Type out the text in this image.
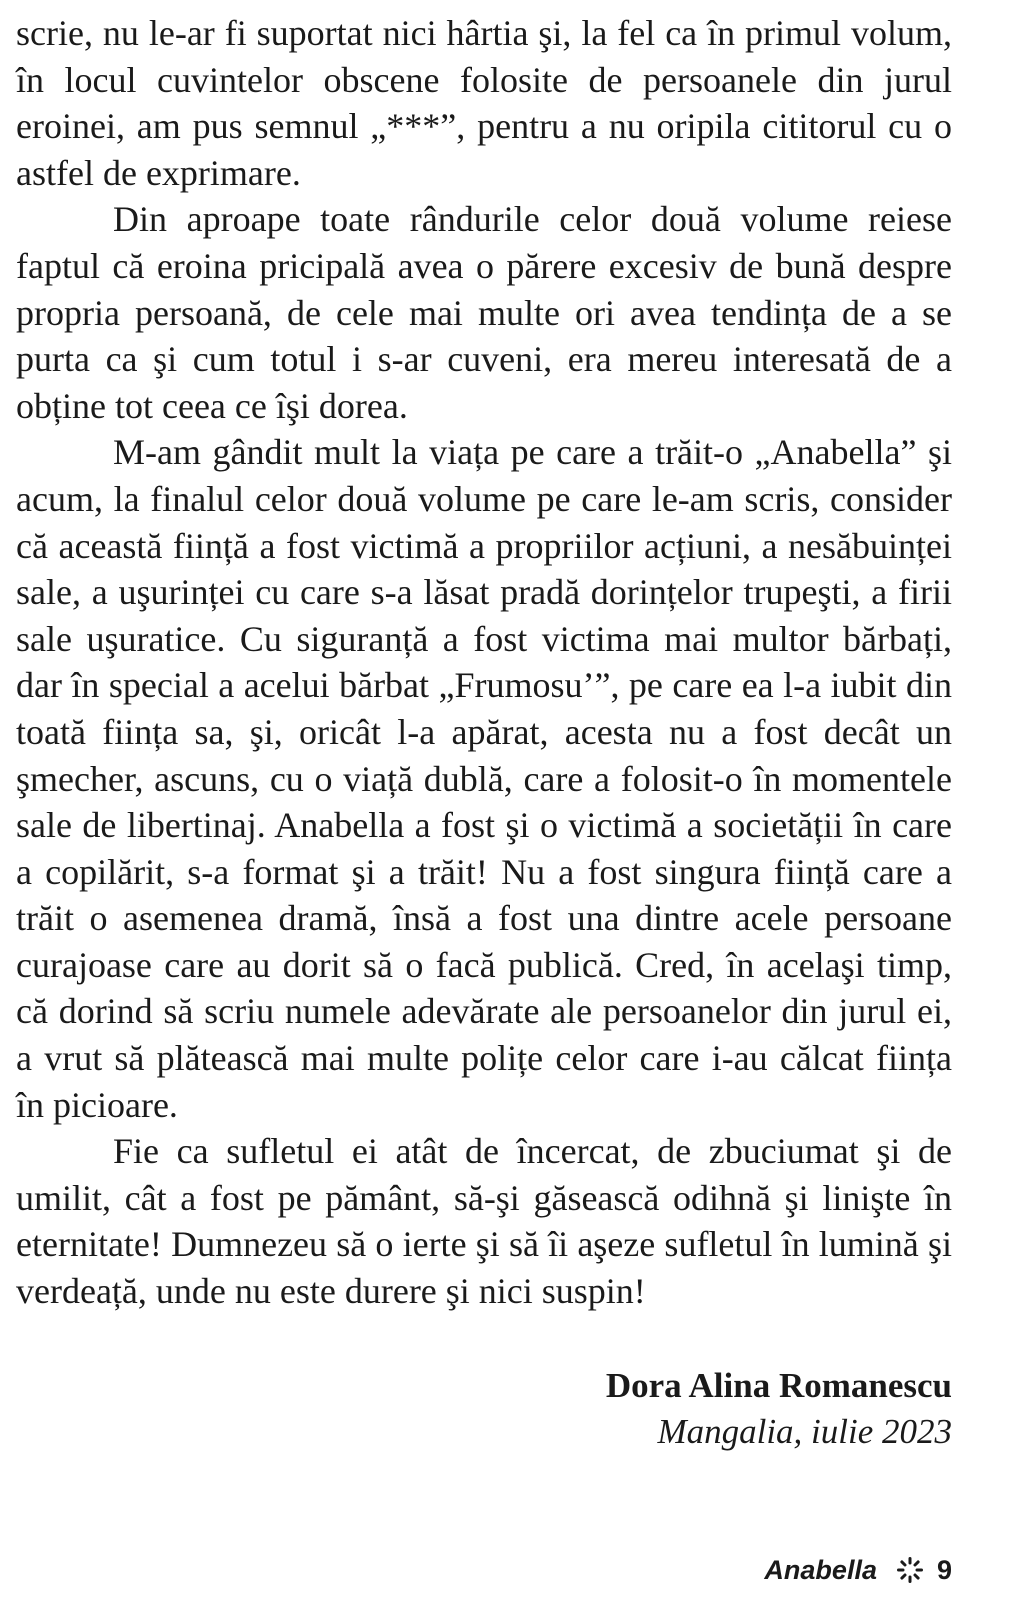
scrie, nu le-ar fi suportat nici hârtia şi, la fel ca în primul volum, în locul cuvintelor obscene folosite de persoanele din jurul eroinei, am pus semnul „***”, pentru a nu oripila cititorul cu o astfel de exprimare.

Din aproape toate rândurile celor două volume reiese faptul că eroina pricipală avea o părere excesiv de bună despre propria persoană, de cele mai multe ori avea tendința de a se purta ca şi cum totul i s-ar cuveni, era mereu interesată de a obține tot ceea ce îşi dorea.

M-am gândit mult la viața pe care a trăit-o „Anabella” şi acum, la finalul celor două volume pe care le-am scris, consider că această ființă a fost victimă a propriilor acțiuni, a nesăbuinței sale, a uşurinței cu care s-a lăsat pradă dorințelor trupeşti, a firii sale uşuratice. Cu siguranță a fost victima mai multor bărbați, dar în special a acelui bărbat „Frumosu’”, pe care ea l-a iubit din toată ființa sa, şi, oricât l-a apărat, acesta nu a fost decât un şmecher, ascuns, cu o viață dublă, care a folosit-o în momentele sale de libertinaj. Anabella a fost şi o victimă a societății în care a copilărit, s-a format şi a trăit! Nu a fost singura ființă care a trăit o asemenea dramă, însă a fost una dintre acele persoane curajoase care au dorit să o facă publică. Cred, în acelaşi timp, că dorind să scriu numele adevărate ale persoanelor din jurul ei, a vrut să plătească mai multe polițe celor care i-au călcat ființa în picioare.

Fie ca sufletul ei atât de încercat, de zbuciumat şi de umilit, cât a fost pe pământ, să-şi găsească odihnă şi linişte în eternitate! Dumnezeu să o ierte şi să îi aşeze sufletul în lumină şi verdeață, unde nu este durere şi nici suspin!

Dora Alina Romanescu
Mangalia, iulie 2023
Anabella 9
